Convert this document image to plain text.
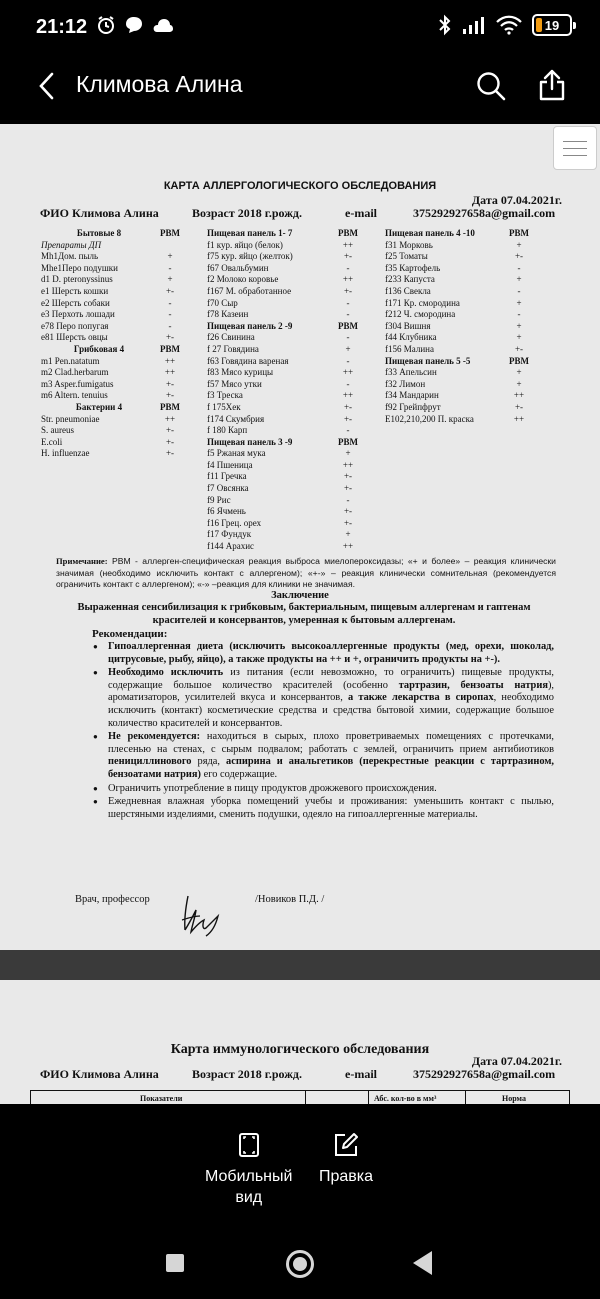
21:12	19
Климова Алина
КАРТА АЛЛЕРГОЛОГИЧЕСКОГО ОБСЛЕДОВАНИЯ
Дата 07.04.2021г.
ФИО Климова Алина	Возраст 2018 г.рожд.	e-mail	375292927658a@gmail.com
Бытовые 8	РВМ
Препараты ДП
Mh1Дом. пыль	+
Mhe1Перо подушки	-
d1 D. pteronyssinus	+
e1 Шерсть кошки	+-
e2 Шерсть собаки	-
e3 Перхоть лошади	-
e78 Перо попугая	-
e81 Шерсть овцы	+-
Грибковая 4	РВМ
m1 Pen.natatum	++
m2 Clad.herbarum	++
m3 Asper.fumigatus	+-
m6 Altern. tenuius	+-
Бактерии 4	РВМ
Str. pneumoniae	++
S. aureus	+-
E.coli	+-
H. influenzae	+-
Пищевая панель 1- 7	РВМ
f1 кур. яйцо (белок)	++
f75 кур. яйцо (желток)	+-
f67 Овальбумин	-
f2 Молоко коровье	++
f167 М. обработанное	+-
f70 Сыр	-
f78 Казеин	-
Пищевая панель 2 -9	РВМ
f26 Свинина	-
f 27 Говядина	+
f63 Говядина вареная	-
f83 Мясо курицы	++
f57 Мясо утки	-
f3 Треска	++
f 175Хек	+-
f174 Скумбрия	+-
f 180 Карп	-
Пищевая панель 3 -9	РВМ
f5 Ржаная мука	+
f4 Пшеница	++
f11 Гречка	+-
f7 Овсянка	+-
f9 Рис	-
f6 Ячмень	+-
f16 Грец. орех	+-
f17 Фундук	+
f144 Арахис	++
Пищевая панель 4 -10	РВМ
f31 Морковь	+
f25 Томаты	+-
f35 Картофель	-
f233 Капуста	+
f136 Свекла	-
f171 Кр. смородина	+
f212 Ч. смородина	-
f304 Вишня	+
f44 Клубника	+
f156 Малина	+-
Пищевая панель 5 -5	РВМ
f33 Апельсин	+
f32 Лимон	+
f34 Мандарин	++
f92 Грейпфрут	+-
E102,210,200 П. краска	++
Примечание: РВМ - аллерген-специфическая реакция выброса миелопероксидазы; «+ и более» – реакция клинически значимая (необходимо исключить контакт с аллергеном); «+-» – реакция клинически сомнительная (рекомендуется ограничить контакт с аллергеном); «-» –реакция для клиники не значимая.
Заключение
Выраженная сенсибилизация к грибковым, бактериальным, пищевым аллергенам и гаптенам красителей и консервантов, умеренная к бытовым аллергенам.
Рекомендации:
● Гипоаллергенная диета (исключить высокоаллергенные продукты (мед, орехи, шоколад, цитрусовые, рыбу, яйцо), а также продукты на ++ и +, ограничить продукты на +-).
● Необходимо исключить из питания (если невозможно, то ограничить) пищевые продукты, содержащие большое количество красителей (особенно тартразин, бензоаты натрия), ароматизаторов, усилителей вкуса и консервантов, а также лекарства в сиропах, необходимо исключить (контакт) косметические средства и средства бытовой химии, содержащие большое количество красителей и консервантов.
● Не рекомендуется: находиться в сырых, плохо проветриваемых помещениях с протечками, плесенью на стенах, с сырым подвалом; работать с землей, ограничить прием антибиотиков пенициллинового ряда, аспирина и анальгетиков (перекрестные реакции с тартразином, бензоатами натрия) его содержащие.
● Ограничить употребление в пищу продуктов дрожжевого происхождения.
● Ежедневная влажная уборка помещений учебы и проживания: уменьшить контакт с пылью, шерстяными изделиями, сменить подушки, одеяло на гипоаллергенные материалы.
Врач, профессор	/Новиков П.Д. /
Карта иммунологического обследования
Дата 07.04.2021г.
ФИО Климова Алина	Возраст 2018 г.рожд.	e-mail	375292927658a@gmail.com
Показатели	Абс. кол-во в мм³	Норма
Мобильный
вид
Правка
